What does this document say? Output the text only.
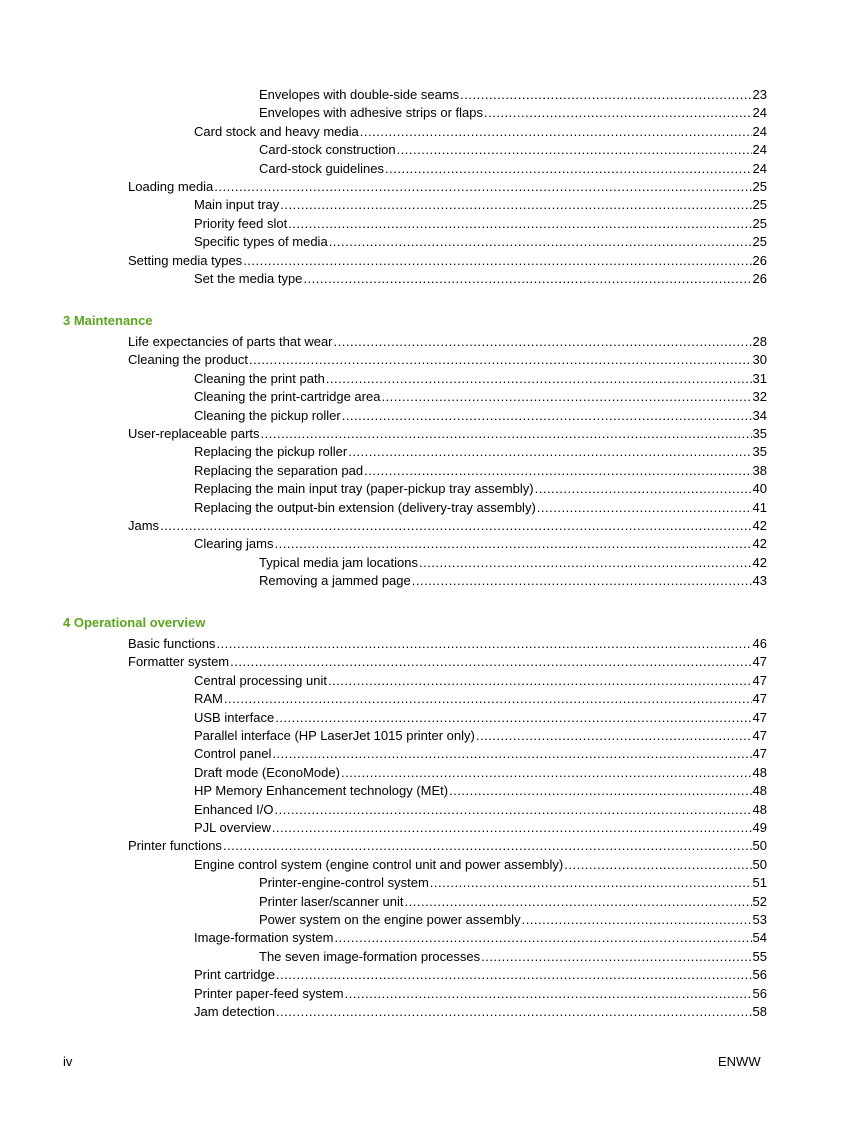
Envelopes with double-side seams .....	23
Envelopes with adhesive strips or flaps .....	24
Card stock and heavy media .....	24
Card-stock construction .....	24
Card-stock guidelines .....	24
Loading media .....	25
Main input tray .....	25
Priority feed slot .....	25
Specific types of media .....	25
Setting media types .....	26
Set the media type .....	26
3 Maintenance
Life expectancies of parts that wear .....	28
Cleaning the product .....	30
Cleaning the print path .....	31
Cleaning the print-cartridge area .....	32
Cleaning the pickup roller .....	34
User-replaceable parts .....	35
Replacing the pickup roller .....	35
Replacing the separation pad .....	38
Replacing the main input tray (paper-pickup tray assembly) .....	40
Replacing the output-bin extension (delivery-tray assembly) .....	41
Jams .....	42
Clearing jams .....	42
Typical media jam locations .....	42
Removing a jammed page .....	43
4 Operational overview
Basic functions .....	46
Formatter system .....	47
Central processing unit .....	47
RAM .....	47
USB interface .....	47
Parallel interface (HP LaserJet 1015 printer only) .....	47
Control panel .....	47
Draft mode (EconoMode) .....	48
HP Memory Enhancement technology (MEt) .....	48
Enhanced I/O .....	48
PJL overview .....	49
Printer functions .....	50
Engine control system (engine control unit and power assembly) .....	50
Printer-engine-control system .....	51
Printer laser/scanner unit .....	52
Power system on the engine power assembly .....	53
Image-formation system .....	54
The seven image-formation processes .....	55
Print cartridge .....	56
Printer paper-feed system .....	56
Jam detection .....	58
iv	ENWW
